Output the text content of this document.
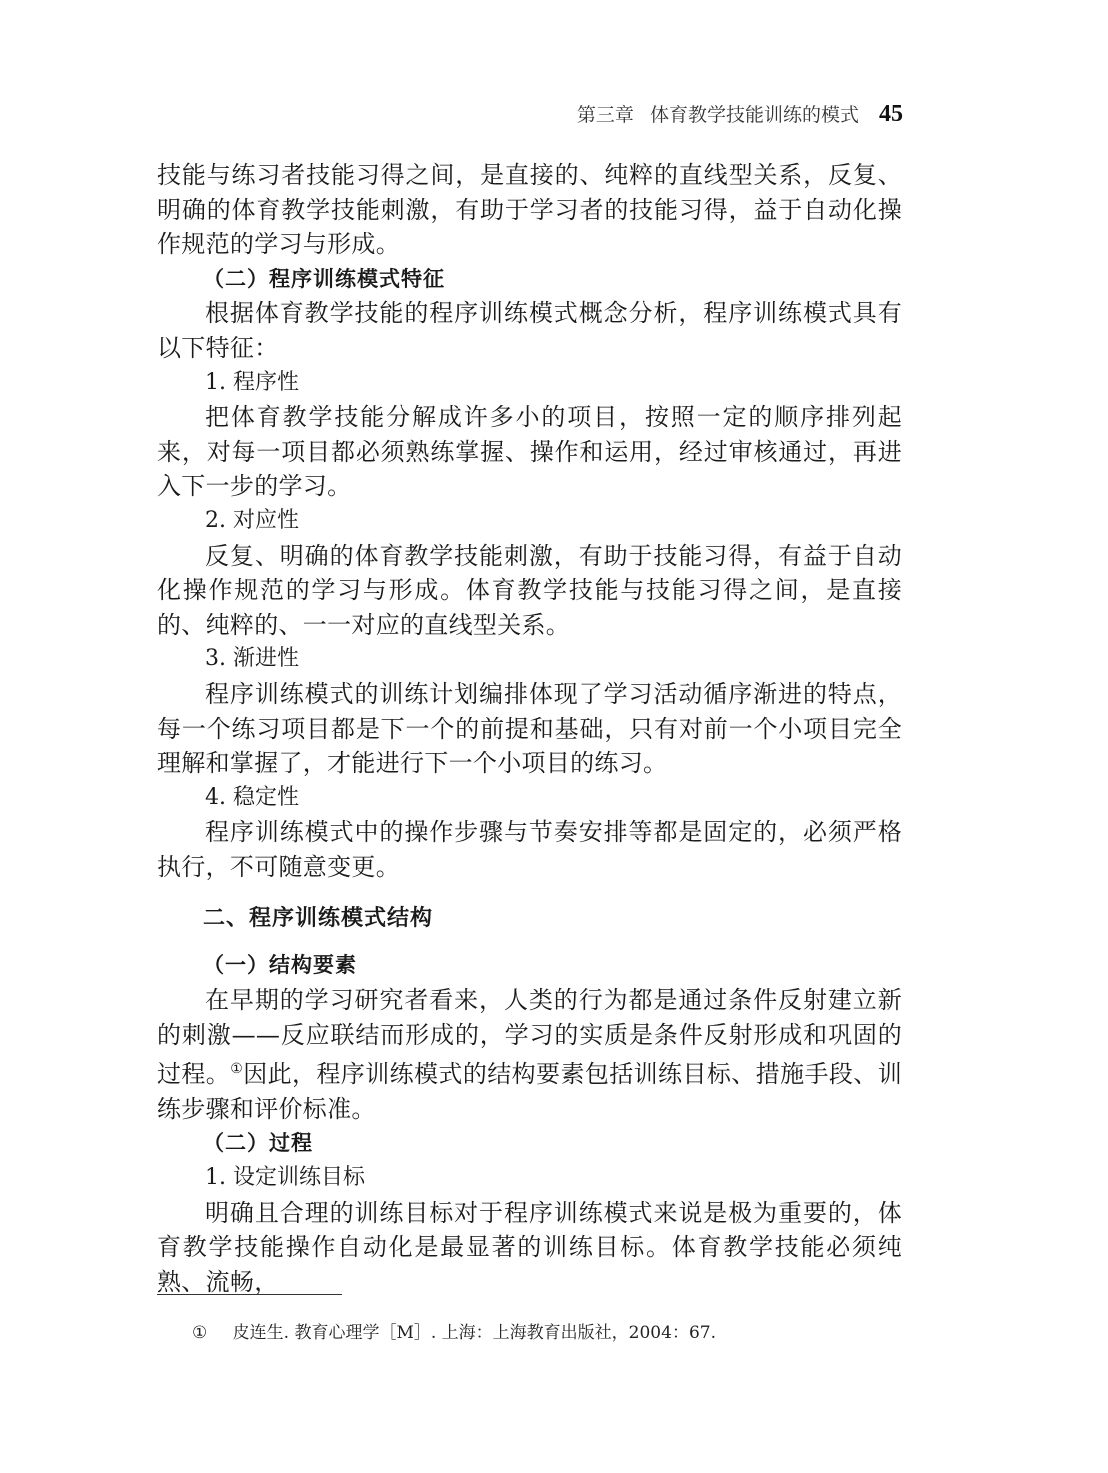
第三章 体育教学技能训练的模式 45

技能与练习者技能习得之间，是直接的、纯粹的直线型关系，反复、明确的体育教学技能刺激，有助于学习者的技能习得，益于自动化操作规范的学习与形成。

（二）程序训练模式特征

根据体育教学技能的程序训练模式概念分析，程序训练模式具有以下特征：

1. 程序性

把体育教学技能分解成许多小的项目，按照一定的顺序排列起来，对每一项目都必须熟练掌握、操作和运用，经过审核通过，再进入下一步的学习。

2. 对应性

反复、明确的体育教学技能刺激，有助于技能习得，有益于自动化操作规范的学习与形成。体育教学技能与技能习得之间，是直接的、纯粹的、一一对应的直线型关系。

3. 渐进性

程序训练模式的训练计划编排体现了学习活动循序渐进的特点，每一个练习项目都是下一个的前提和基础，只有对前一个小项目完全理解和掌握了，才能进行下一个小项目的练习。

4. 稳定性

程序训练模式中的操作步骤与节奏安排等都是固定的，必须严格执行，不可随意变更。

二、程序训练模式结构

（一）结构要素

在早期的学习研究者看来，人类的行为都是通过条件反射建立新的刺激——反应联结而形成的，学习的实质是条件反射形成和巩固的过程。①因此，程序训练模式的结构要素包括训练目标、措施手段、训练步骤和评价标准。

（二）过程

1. 设定训练目标

明确且合理的训练目标对于程序训练模式来说是极为重要的，体育教学技能操作自动化是最显著的训练目标。体育教学技能必须纯熟、流畅，

① 皮连生. 教育心理学［M］. 上海：上海教育出版社，2004：67.
